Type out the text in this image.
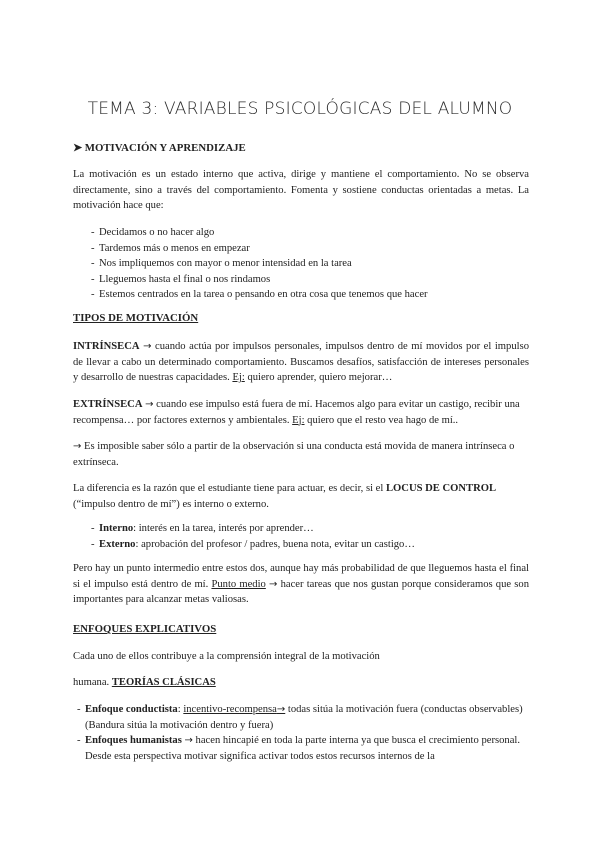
TEMA 3: VARIABLES PSICOLÓGICAS DEL ALUMNO
➤ MOTIVACIÓN Y APRENDIZAJE
La motivación es un estado interno que activa, dirige y mantiene el comportamiento. No se observa directamente, sino a través del comportamiento. Fomenta y sostiene conductas orientadas a metas. La motivación hace que:
- Decidamos o no hacer algo
- Tardemos más o menos en empezar
- Nos impliquemos con mayor o menor intensidad en la tarea
- Lleguemos hasta el final o nos rindamos
- Estemos centrados en la tarea o pensando en otra cosa que tenemos que hacer
TIPOS DE MOTIVACIÓN
INTRÍNSECA → cuando actúa por impulsos personales, impulsos dentro de mí movidos por el impulso de llevar a cabo un determinado comportamiento. Buscamos desafíos, satisfacción de intereses personales y desarrollo de nuestras capacidades. Ej: quiero aprender, quiero mejorar…
EXTRÍNSECA → cuando ese impulso está fuera de mí. Hacemos algo para evitar un castigo, recibir una recompensa… por factores externos y ambientales. Ej: quiero que el resto vea hago de mí..
→ Es imposible saber sólo a partir de la observación si una conducta está movida de manera intrínseca o extrínseca.
La diferencia es la razón que el estudiante tiene para actuar, es decir, si el LOCUS DE CONTROL (“impulso dentro de mí”) es interno o externo.
- Interno: interés en la tarea, interés por aprender…
- Externo: aprobación del profesor / padres, buena nota, evitar un castigo…
Pero hay un punto intermedio entre estos dos, aunque hay más probabilidad de que lleguemos hasta el final si el impulso está dentro de mí. Punto medio → hacer tareas que nos gustan porque consideramos que son importantes para alcanzar metas valiosas.
ENFOQUES EXPLICATIVOS
Cada uno de ellos contribuye a la comprensión integral de la motivación
humana. TEORÍAS CLÁSICAS
- Enfoque conductista: incentivo-recompensa→ todas sitúa la motivación fuera (conductas observables) (Bandura sitúa la motivación dentro y fuera)
- Enfoques humanistas → hacen hincapié en toda la parte interna ya que busca el crecimiento personal. Desde esta perspectiva motivar significa activar todos estos recursos internos de la
